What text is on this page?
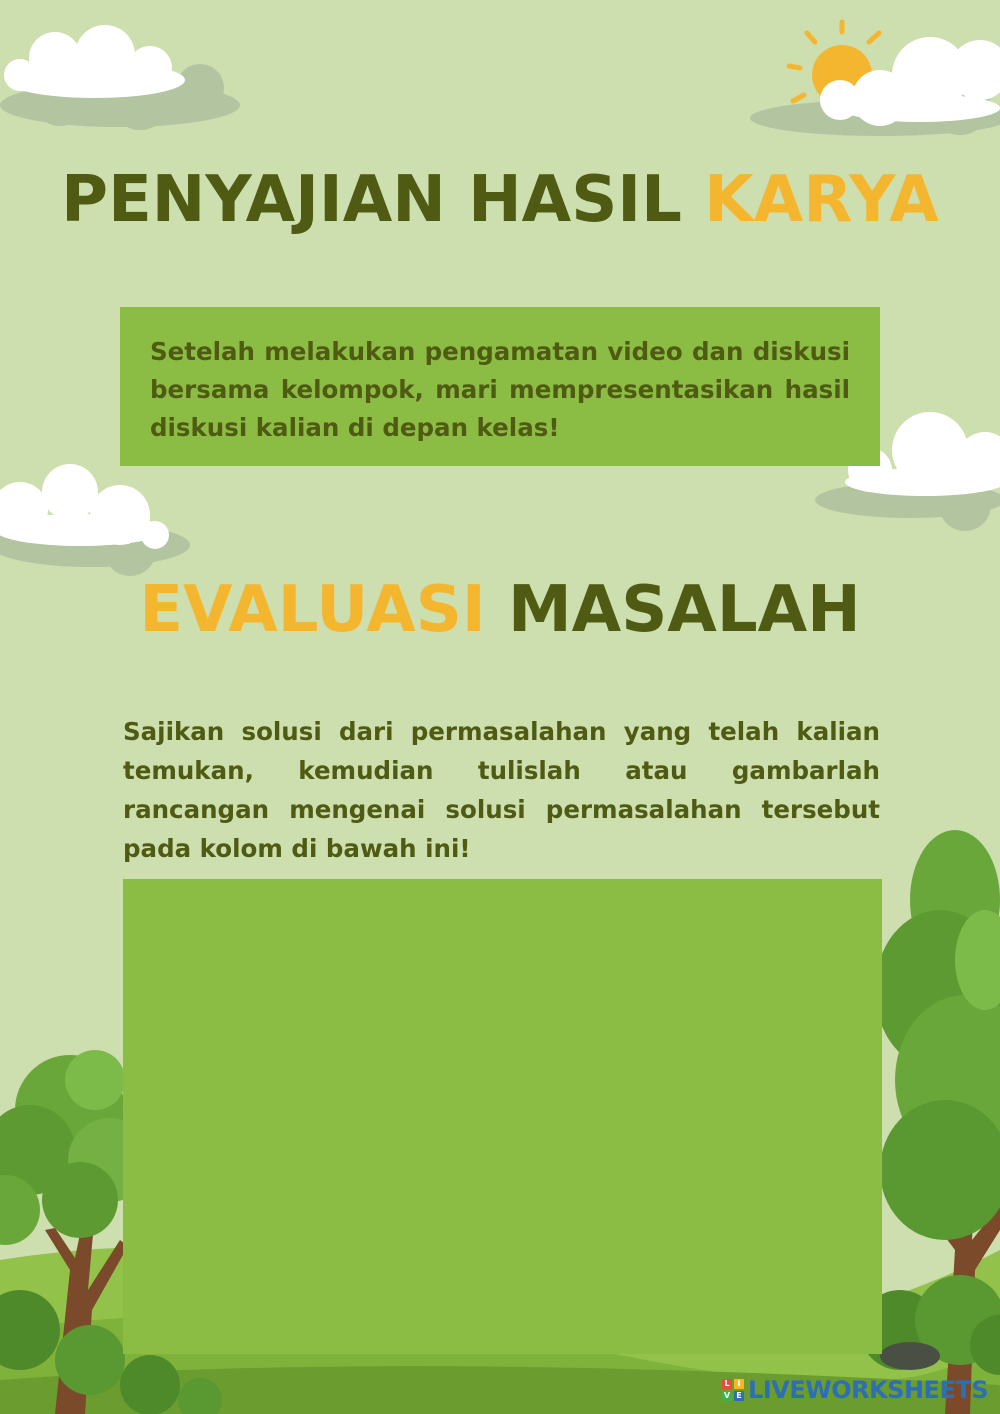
PENYAJIAN HASIL KARYA

Setelah melakukan pengamatan video dan diskusi bersama kelompok, mari mempresentasikan hasil diskusi kalian di depan kelas!

EVALUASI MASALAH

Sajikan solusi dari permasalahan yang telah kalian temukan, kemudian tulislah atau gambarlah rancangan mengenai solusi permasalahan tersebut pada kolom di bawah ini!

L I
V E LIVEWORKSHEETS
